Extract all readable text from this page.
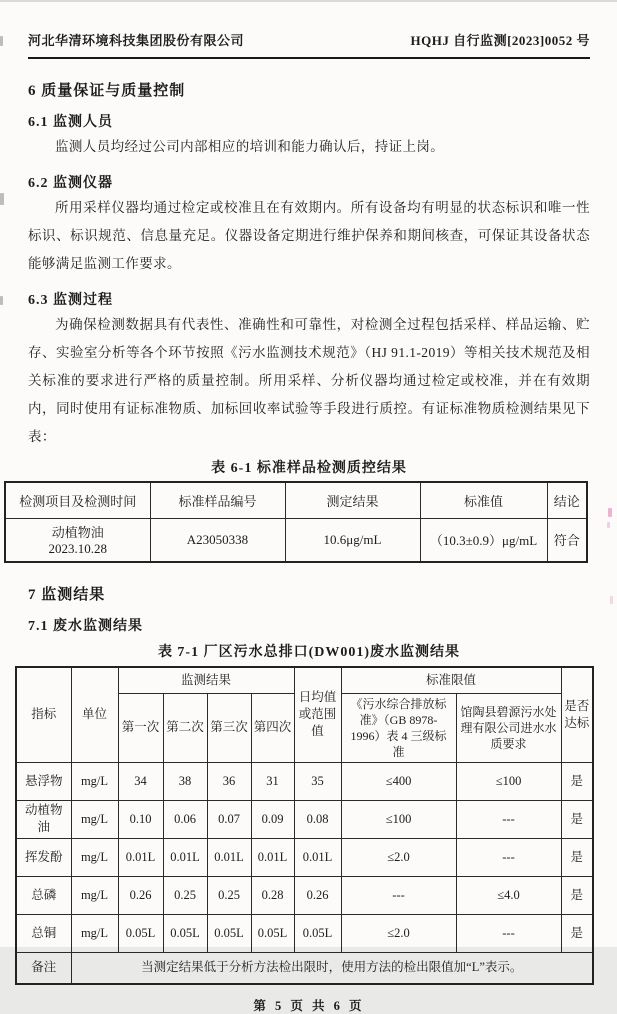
河北华清环境科技集团股份有限公司	HQHJ 自行监测[2023]0052 号
6 质量保证与质量控制
6.1 监测人员
监测人员均经过公司内部相应的培训和能力确认后，持证上岗。
6.2 监测仪器
所用采样仪器均通过检定或校准且在有效期内。所有设备均有明显的状态标识和唯一性标识、标识规范、信息量充足。仪器设备定期进行维护保养和期间核查，可保证其设备状态能够满足监测工作要求。
6.3 监测过程
为确保检测数据具有代表性、准确性和可靠性，对检测全过程包括采样、样品运输、贮存、实验室分析等各个环节按照《污水监测技术规范》（HJ 91.1-2019）等相关技术规范及相关标准的要求进行严格的质量控制。所用采样、分析仪器均通过检定或校准，并在有效期内，同时使用有证标准物质、加标回收率试验等手段进行质控。有证标准物质检测结果见下表：
表 6-1 标准样品检测质控结果
检测项目及检测时间	标准样品编号	测定结果	标准值	结论

动植物油
2023.10.28	A23050338	10.6μg/mL	（10.3±0.9）μg/mL	符合
7 监测结果
7.1 废水监测结果
表 7-1 厂区污水总排口(DW001)废水监测结果
指标	单位	监测结果				日均值或范围值	标准限值		是否达标
		第一次	第二次	第三次	第四次		《污水综合排放标准》（GB 8978-1996）表 4 三级标准	馆陶县碧源污水处理有限公司进水水质要求	
悬浮物	mg/L	34	38	36	31	35	≤400	≤100	是
动植物油	mg/L	0.10	0.06	0.07	0.09	0.08	≤100	---	是
挥发酚	mg/L	0.01L	0.01L	0.01L	0.01L	0.01L	≤2.0	---	是
总磷	mg/L	0.26	0.25	0.25	0.28	0.26	---	≤4.0	是
总铜	mg/L	0.05L	0.05L	0.05L	0.05L	0.05L	≤2.0	---	是
备注	当测定结果低于分析方法检出限时，使用方法的检出限值加“L”表示。								
第 5 页 共 6 页
